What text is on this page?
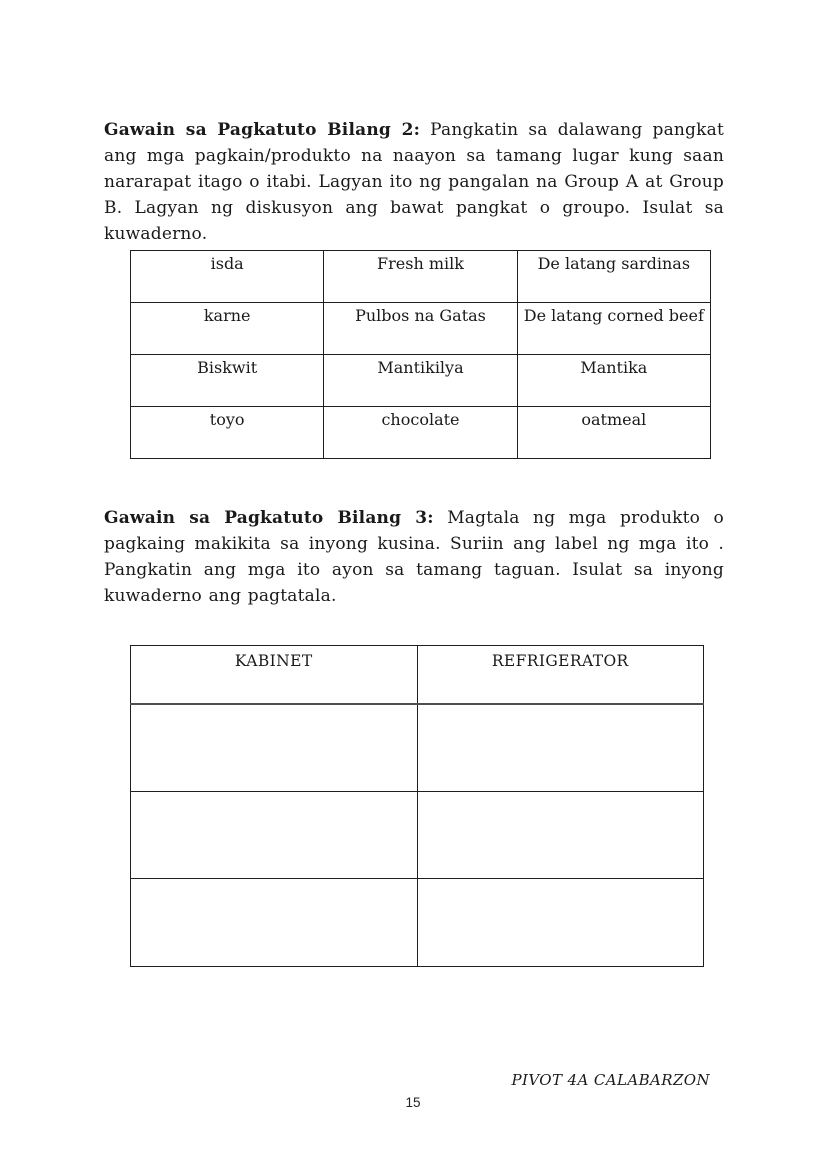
Gawain sa Pagkatuto Bilang 2: Pangkatin sa dalawang pangkat ang mga pagkain/produkto na naayon sa tamang lugar kung saan nararapat itago o itabi. Lagyan ito ng pangalan na Group A at Group B. Lagyan ng diskusyon ang bawat pangkat o groupo. Isulat sa kuwaderno.

isda	Fresh milk	De latang sardinas
karne	Pulbos na Gatas	De latang corned beef
Biskwit	Mantikilya	Mantika
toyo	chocolate	oatmeal

Gawain sa Pagkatuto Bilang 3: Magtala ng mga produkto o pagkaing makikita sa inyong kusina. Suriin ang label ng mga ito . Pangkatin ang mga ito ayon sa tamang taguan. Isulat sa inyong kuwaderno ang pagtatala.

KABINET	REFRIGERATOR

PIVOT 4A CALABARZON
15
